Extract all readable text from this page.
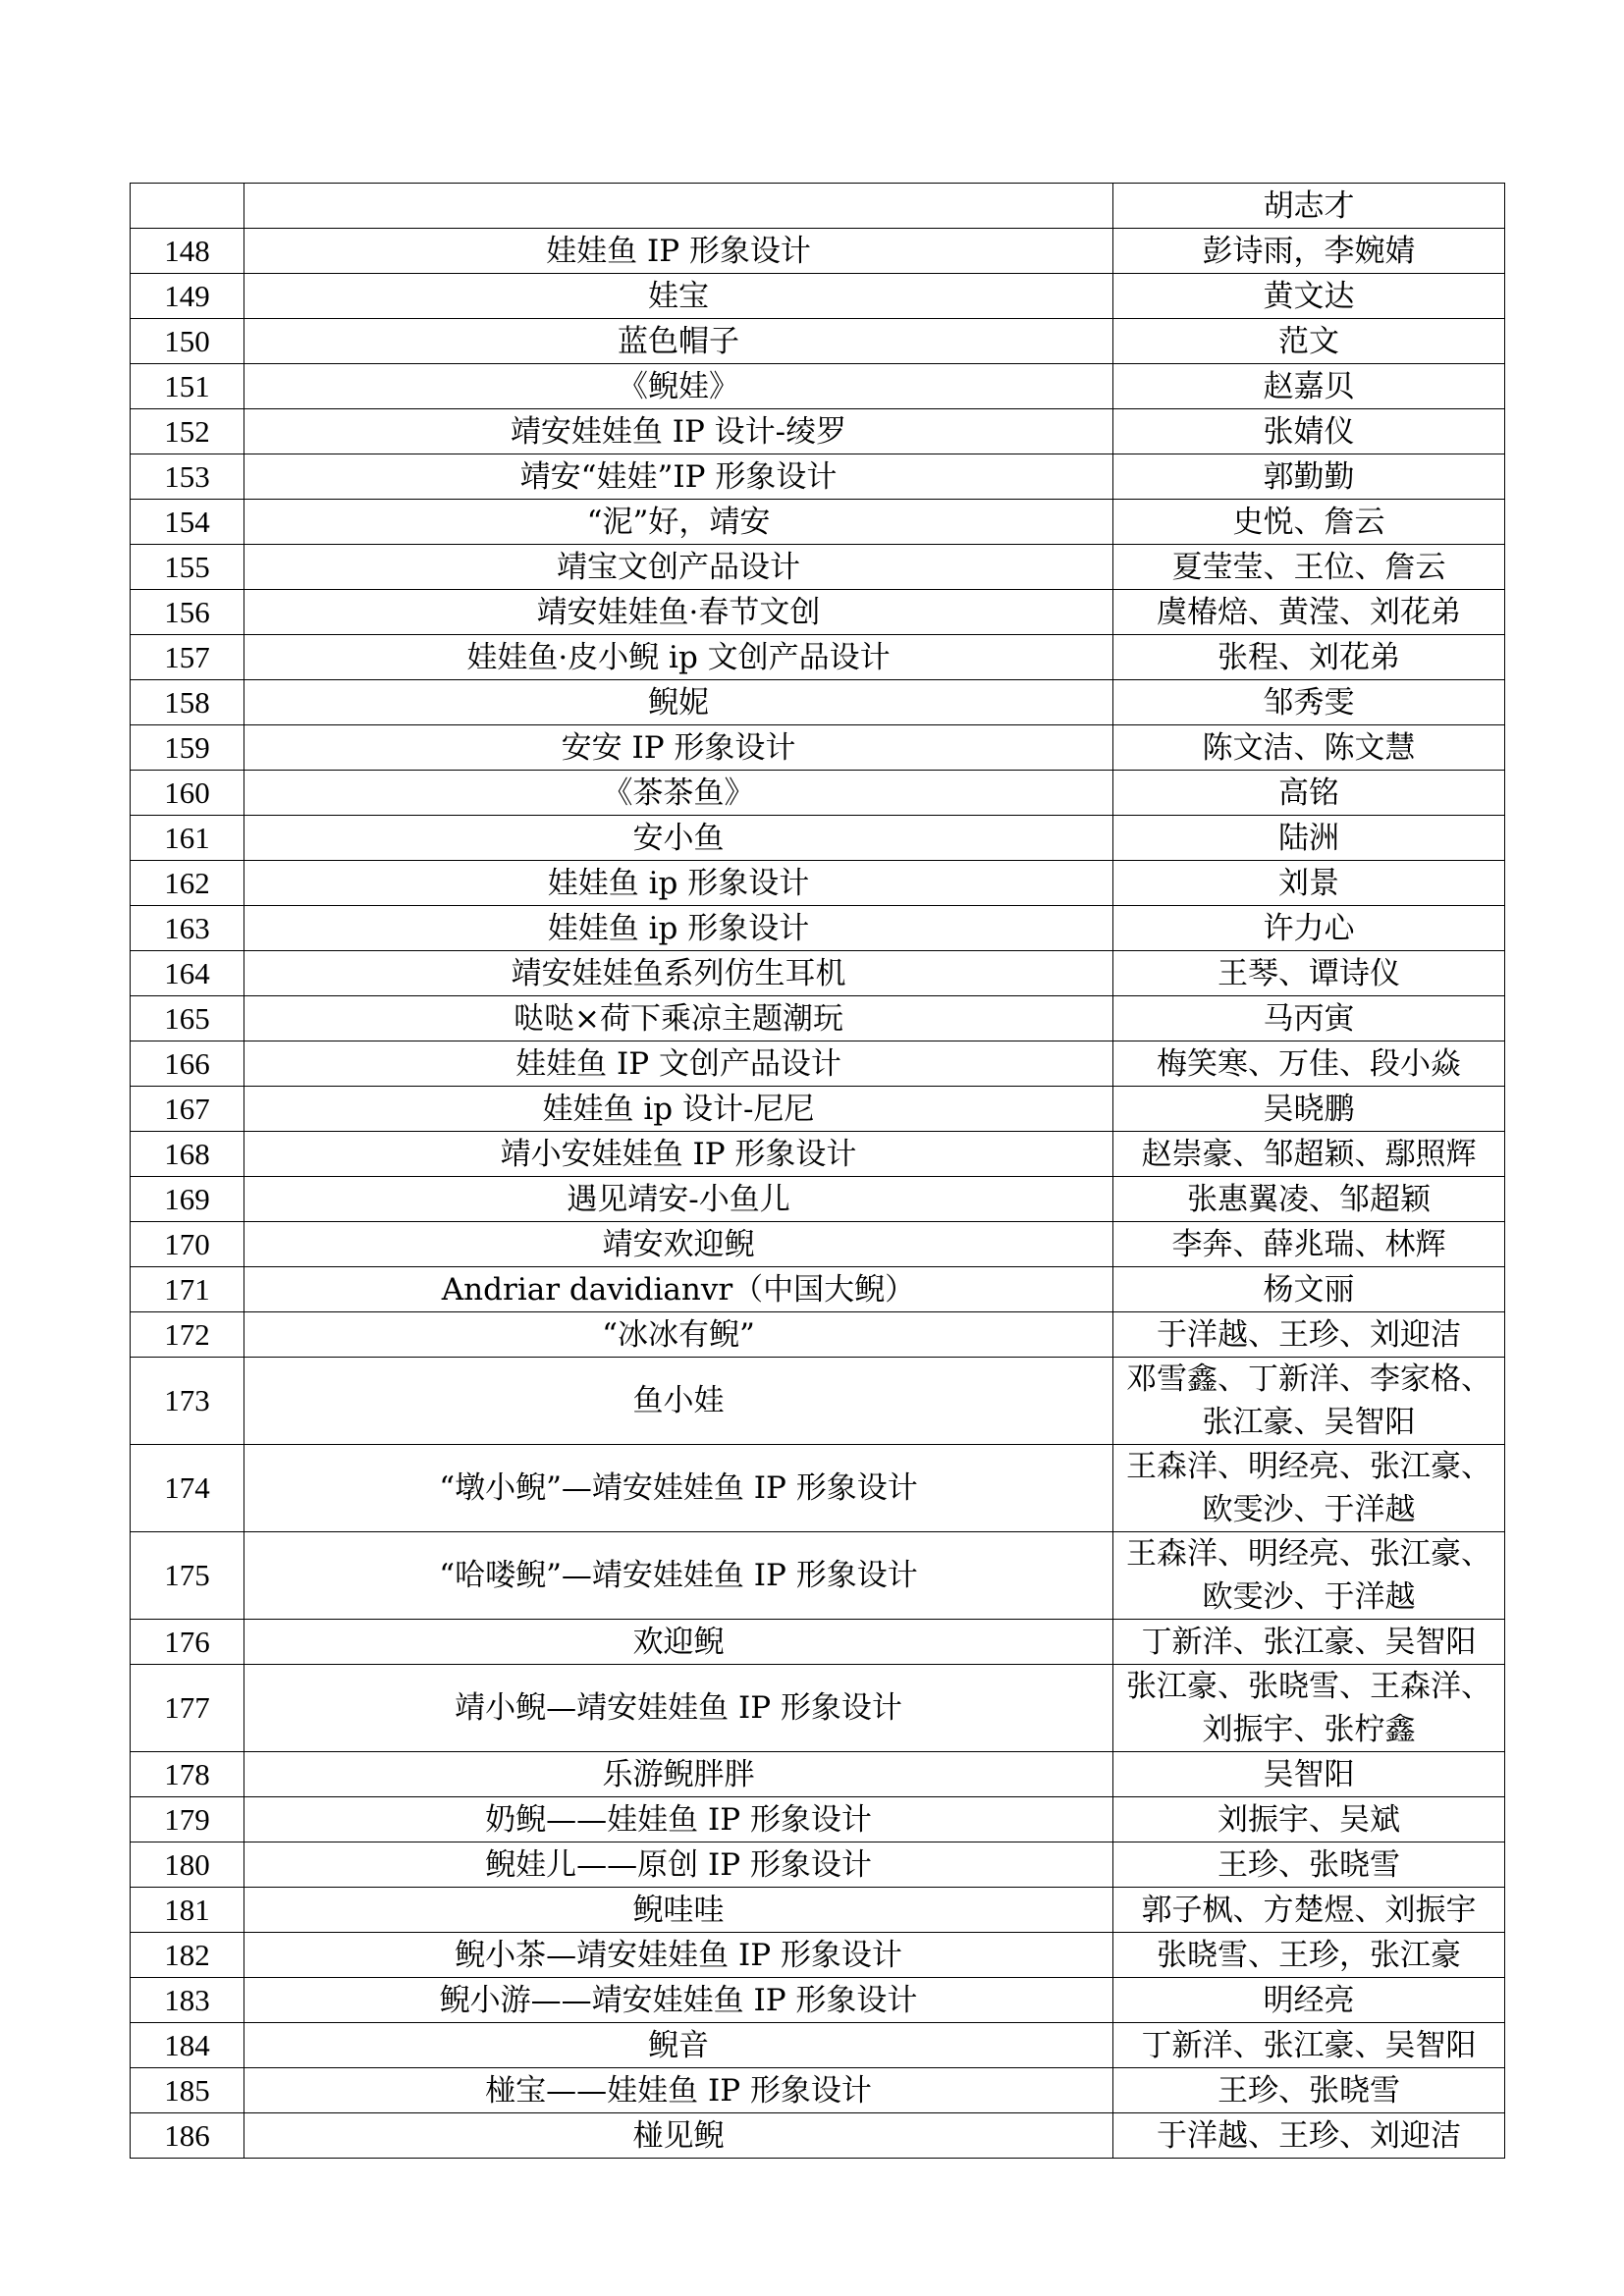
		胡志才

148	娃娃鱼 IP 形象设计	彭诗雨，李婉婧

149	娃宝	黄文达

150	蓝色帽子	范文

151	《鲵娃》	赵嘉贝

152	靖安娃娃鱼 IP 设计-绫罗	张婧仪

153	靖安“娃娃”IP 形象设计	郭勤勤

154	“泥”好，靖安	史悦、詹云

155	靖宝文创产品设计	夏莹莹、王位、詹云

156	靖安娃娃鱼·春节文创	虞椿焙、黄滢、刘花弟

157	娃娃鱼·皮小鲵 ip 文创产品设计	张程、刘花弟

158	鲵妮	邹秀雯

159	安安 IP 形象设计	陈文洁、陈文慧

160	《茶茶鱼》	高铭

161	安小鱼	陆洲

162	娃娃鱼 ip 形象设计	刘景

163	娃娃鱼 ip 形象设计	许力心

164	靖安娃娃鱼系列仿生耳机	王琴、谭诗仪

165	哒哒×荷下乘凉主题潮玩	马丙寅

166	娃娃鱼 IP 文创产品设计	梅笑寒、万佳、段小焱

167	娃娃鱼 ip 设计-尼尼	吴晓鹏

168	靖小安娃娃鱼 IP 形象设计	赵崇豪、邹超颖、鄢照辉

169	遇见靖安-小鱼儿	张惠翼凌、邹超颖

170	靖安欢迎鲵	李奔、薛兆瑞、林辉

171	Andriar davidianvr（中国大鲵）	杨文丽

172	“冰冰有鲵”	于洋越、王珍、刘迎洁

173	鱼小娃	邓雪鑫、丁新洋、李家格、
张江豪、吴智阳

174	“墩小鲵”—靖安娃娃鱼 IP 形象设计	王森洋、明经亮、张江豪、
欧雯沙、于洋越

175	“哈喽鲵”—靖安娃娃鱼 IP 形象设计	王森洋、明经亮、张江豪、
欧雯沙、于洋越

176	欢迎鲵	丁新洋、张江豪、吴智阳

177	靖小鲵—靖安娃娃鱼 IP 形象设计	张江豪、张晓雪、王森洋、
刘振宇、张柠鑫

178	乐游鲵胖胖	吴智阳

179	奶鲵——娃娃鱼 IP 形象设计	刘振宇、吴斌

180	鲵娃儿——原创 IP 形象设计	王珍、张晓雪

181	鲵哇哇	郭子枫、方楚煜、刘振宇

182	鲵小茶—靖安娃娃鱼 IP 形象设计	张晓雪、王珍，张江豪

183	鲵小游——靖安娃娃鱼 IP 形象设计	明经亮

184	鲵音	丁新洋、张江豪、吴智阳

185	椪宝——娃娃鱼 IP 形象设计	王珍、张晓雪

186	椪见鲵	于洋越、王珍、刘迎洁
